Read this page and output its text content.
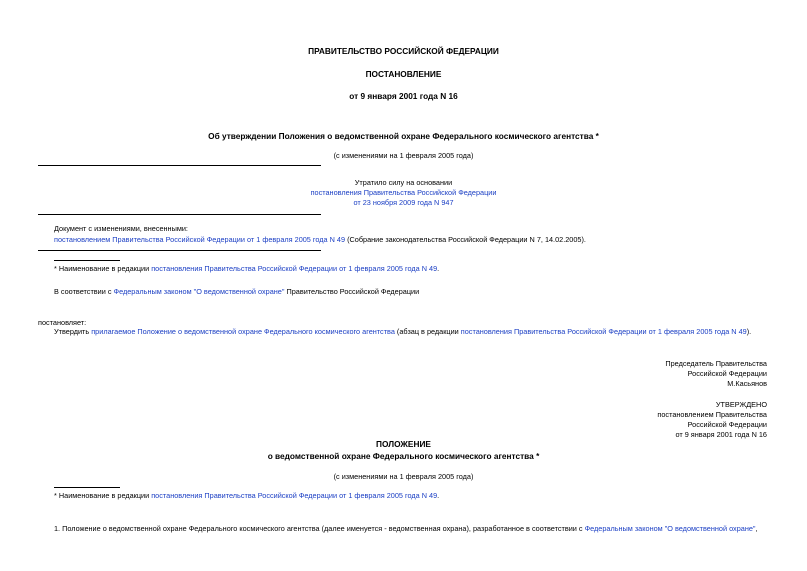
ПРАВИТЕЛЬСТВО РОССИЙСКОЙ ФЕДЕРАЦИИ
ПОСТАНОВЛЕНИЕ
от 9 января 2001 года N 16
Об утверждении Положения о ведомственной охране Федерального космического агентства *
(с изменениями на 1 февраля 2005 года)
Утратило силу на основании
постановления Правительства Российской Федерации
от 23 ноября 2009 года N 947
Документ с изменениями, внесенными:
постановлением Правительства Российской Федерации от 1 февраля 2005 года N 49 (Собрание законодательства Российской Федерации N 7, 14.02.2005).
* Наименование в редакции постановления Правительства Российской Федерации от 1 февраля 2005 года N 49.
В соответствии с Федеральным законом "О ведомственной охране" Правительство Российской Федерации
постановляет:
Утвердить прилагаемое Положение о ведомственной охране Федерального космического агентства (абзац в редакции постановления Правительства Российской Федерации от 1 февраля 2005 года N 49).
Председатель Правительства
Российской Федерации
М.Касьянов
УТВЕРЖДЕНО
постановлением Правительства
Российской Федерации
от 9 января 2001 года N 16
ПОЛОЖЕНИЕ
о ведомственной охране Федерального космического агентства *
(с изменениями на 1 февраля 2005 года)
* Наименование в редакции постановления Правительства Российской Федерации от 1 февраля 2005 года N 49.
1. Положение о ведомственной охране Федерального космического агентства (далее именуется - ведомственная охрана), разработанное в соответствии с Федеральным законом "О ведомственной охране",
